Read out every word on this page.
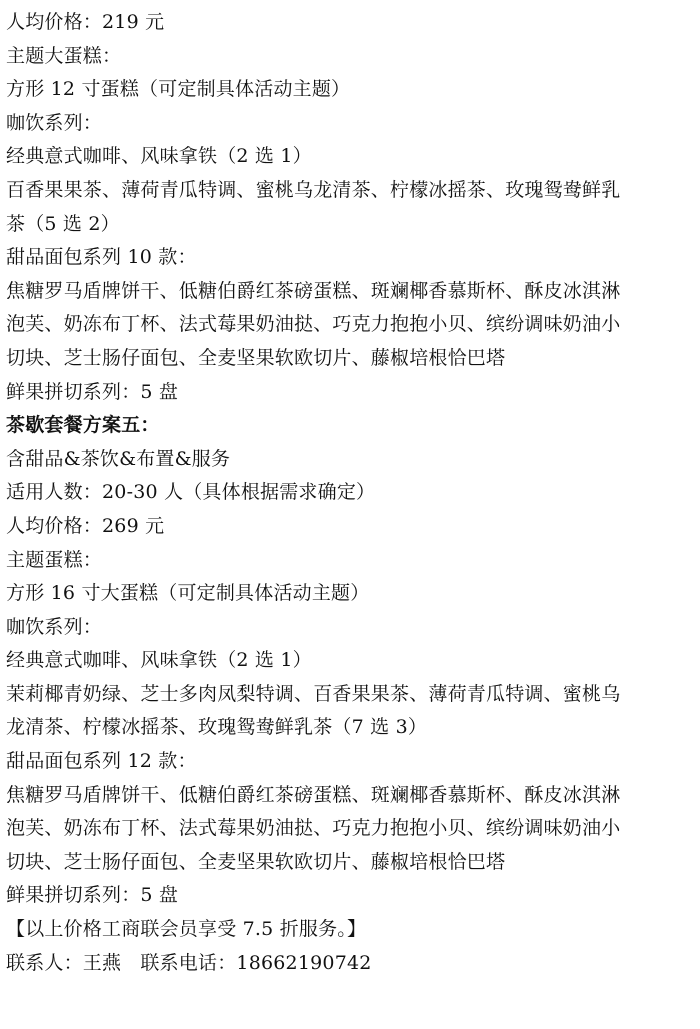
人均价格：219 元
主题大蛋糕：
方形 12 寸蛋糕（可定制具体活动主题）
咖饮系列：
经典意式咖啡、风味拿铁（2 选 1）
百香果果茶、薄荷青瓜特调、蜜桃乌龙清茶、柠檬冰摇茶、玫瑰鸳鸯鲜乳
茶（5 选 2）
甜品面包系列 10 款：
焦糖罗马盾牌饼干、低糖伯爵红茶磅蛋糕、斑斓椰香慕斯杯、酥皮冰淇淋
泡芙、奶冻布丁杯、法式莓果奶油挞、巧克力抱抱小贝、缤纷调味奶油小
切块、芝士肠仔面包、全麦坚果软欧切片、藤椒培根恰巴塔
鲜果拼切系列：5 盘
茶歇套餐方案五：
含甜品&茶饮&布置&服务
适用人数：20-30 人（具体根据需求确定）
人均价格：269 元
主题蛋糕：
方形 16 寸大蛋糕（可定制具体活动主题）
咖饮系列：
经典意式咖啡、风味拿铁（2 选 1）
茉莉椰青奶绿、芝士多肉凤梨特调、百香果果茶、薄荷青瓜特调、蜜桃乌
龙清茶、柠檬冰摇茶、玫瑰鸳鸯鲜乳茶（7 选 3）
甜品面包系列 12 款：
焦糖罗马盾牌饼干、低糖伯爵红茶磅蛋糕、斑斓椰香慕斯杯、酥皮冰淇淋
泡芙、奶冻布丁杯、法式莓果奶油挞、巧克力抱抱小贝、缤纷调味奶油小
切块、芝士肠仔面包、全麦坚果软欧切片、藤椒培根恰巴塔
鲜果拼切系列：5 盘
【以上价格工商联会员享受 7.5 折服务。】
联系人：王燕　联系电话：18662190742
